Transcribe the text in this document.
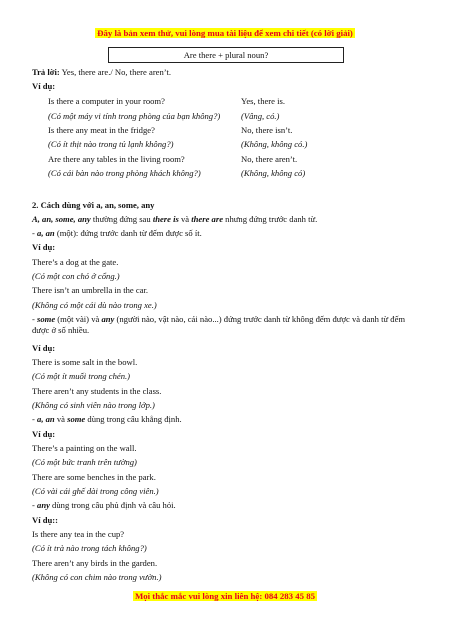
Đây là bản xem thử, vui lòng mua tài liệu để xem chi tiết (có lời giải)
Are there + plural noun?
Trả lời: Yes, there are./ No, there aren’t.
Ví dụ:
Is there a computer in your room?	Yes, there is.
(Có một máy vi tính trong phòng của bạn không?) (Vâng, có.)
Is there any meat in the fridge?	No, there isn’t.
(Có ít thịt nào trong tủ lạnh không?)	(Không, không có.)
Are there any tables in the living room?	No, there aren’t.
(Có cái bàn nào trong phòng khách không?)	(Không, không có)
2. Cách dùng với a, an, some, any
A, an, some, any thường đứng sau there is và there are nhưng đứng trước danh từ.
- a, an (một): đứng trước danh từ đếm được số ít.
Ví dụ:
There’s a dog at the gate.
(Có một con chó ở cổng.)
There isn’t an umbrella in the car.
(Không có một cái dù nào trong xe.)
- some (một vài) và any (người nào, vật nào, cái nào...) đứng trước danh từ không đếm được và danh từ đếm được ở số nhiều.
Ví dụ:
There is some salt in the bowl.
(Có một ít muối trong chén.)
There aren’t any students in the class.
(Không có sinh viên nào trong lớp.)
- a, an và some dùng trong câu khẳng định.
Ví dụ:
There’s a painting on the wall.
(Có một bức tranh trên tường)
There are some benches in the park.
(Có vài cái ghế dài trong công viên.)
- any dùng trong câu phủ định và câu hỏi.
Ví dụ::
Is there any tea in the cup?
(Có ít trà nào trong tách không?)
There aren’t any birds in the garden.
(Không có con chim nào trong vườn.)
Mọi thắc mắc vui lòng xin liên hệ: 084 283 45 85
